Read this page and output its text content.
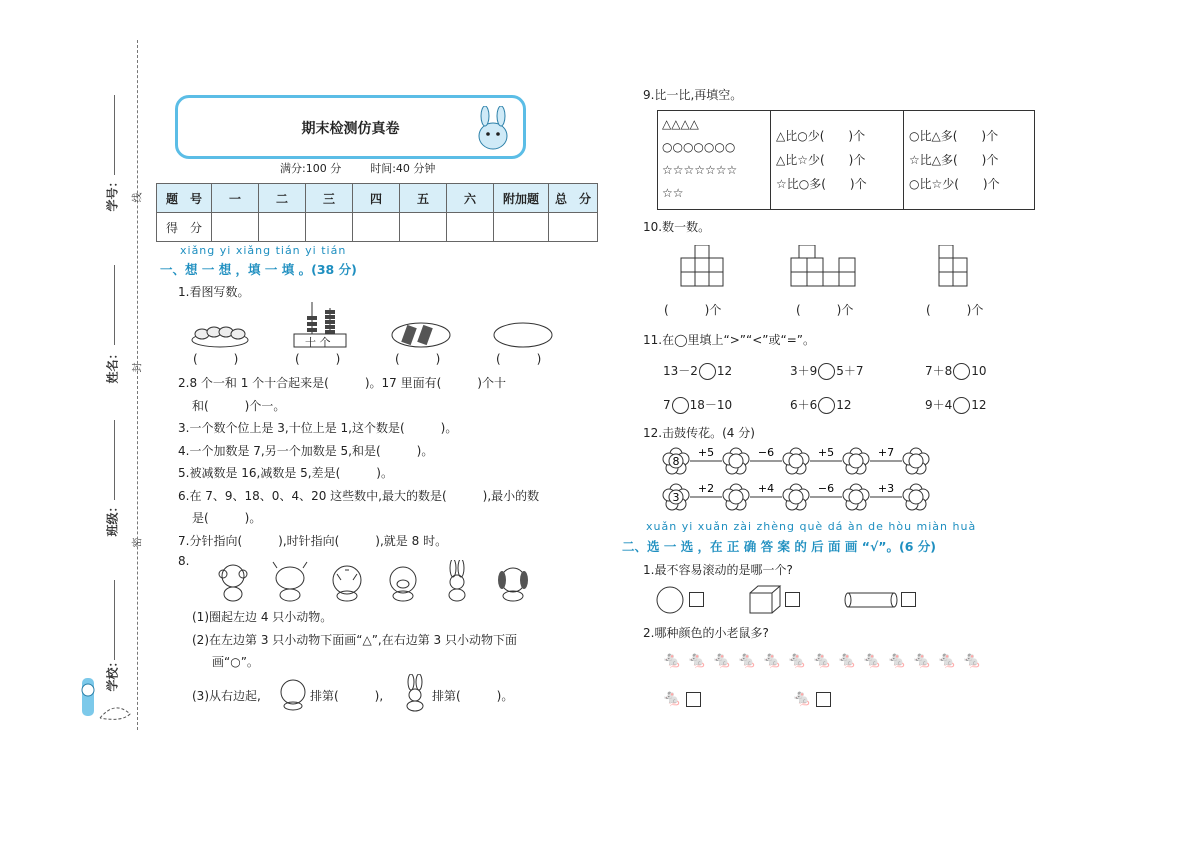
学号：	线
姓名：	封
班级：
密
学校：
期末检测仿真卷
满分:100 分	时间:40 分钟
题　号	一	二	三	四	五	六	附加题	总　分
得　分								
xiǎng yi xiǎng tián yi tián
一、想 一 想 ，填 一 填 。(38 分)
1.看图写数。
十 个
(　　　)	(　　　)	(　　　)	(　　　)
2.8 个一和 1 个十合起来是(　　　)。17 里面有(　　　)个十
和(　　　)个一。
3.一个数个位上是 3,十位上是 1,这个数是(　　　)。
4.一个加数是 7,另一个加数是 5,和是(　　　)。
5.被减数是 16,减数是 5,差是(　　　)。
6.在 7、9、18、0、4、20 这些数中,最大的数是(　　　),最小的数
是(　　　)。
7.分针指向(　　　),时针指向(　　　),就是 8 时。
8.
(1)圈起左边 4 只小动物。
(2)在左边第 3 只小动物下面画“△”,在右边第 3 只小动物下面
画“○”。
(3)从右边起,	排第(　　　),	排第(　　　)。
9.比一比,再填空。
△△△△
○○○○○○○
☆☆☆☆☆☆☆
☆☆
△比○少(　　)个
△比☆少(　　)个
☆比○多(　　)个
○比△多(　　)个
☆比△多(　　)个
○比☆少(　　)个
10.数一数。
(　　　)个	(　　　)个	(　　　)个
11.在◯里填上“>”“<”或“=”。
13－2 12	3＋9 5＋7	7＋8 10
7 18－10	6＋6 12	9＋4 12
12.击鼓传花。(4 分)
8
+5	−6	+5	+7
3
+2	+4	−6	+3
xuǎn yi xuǎn zài zhèng què dá àn de hòu miàn huà
二、选 一 选 ，在 正 确 答 案 的 后 面 画 “√”。(6 分)
1.最不容易滚动的是哪一个?
2.哪种颜色的小老鼠多?
🐁 🐁 🐁 🐁 🐁 🐁 🐁 🐁 🐁 🐁 🐁 🐁 🐁
🐁	🐁
